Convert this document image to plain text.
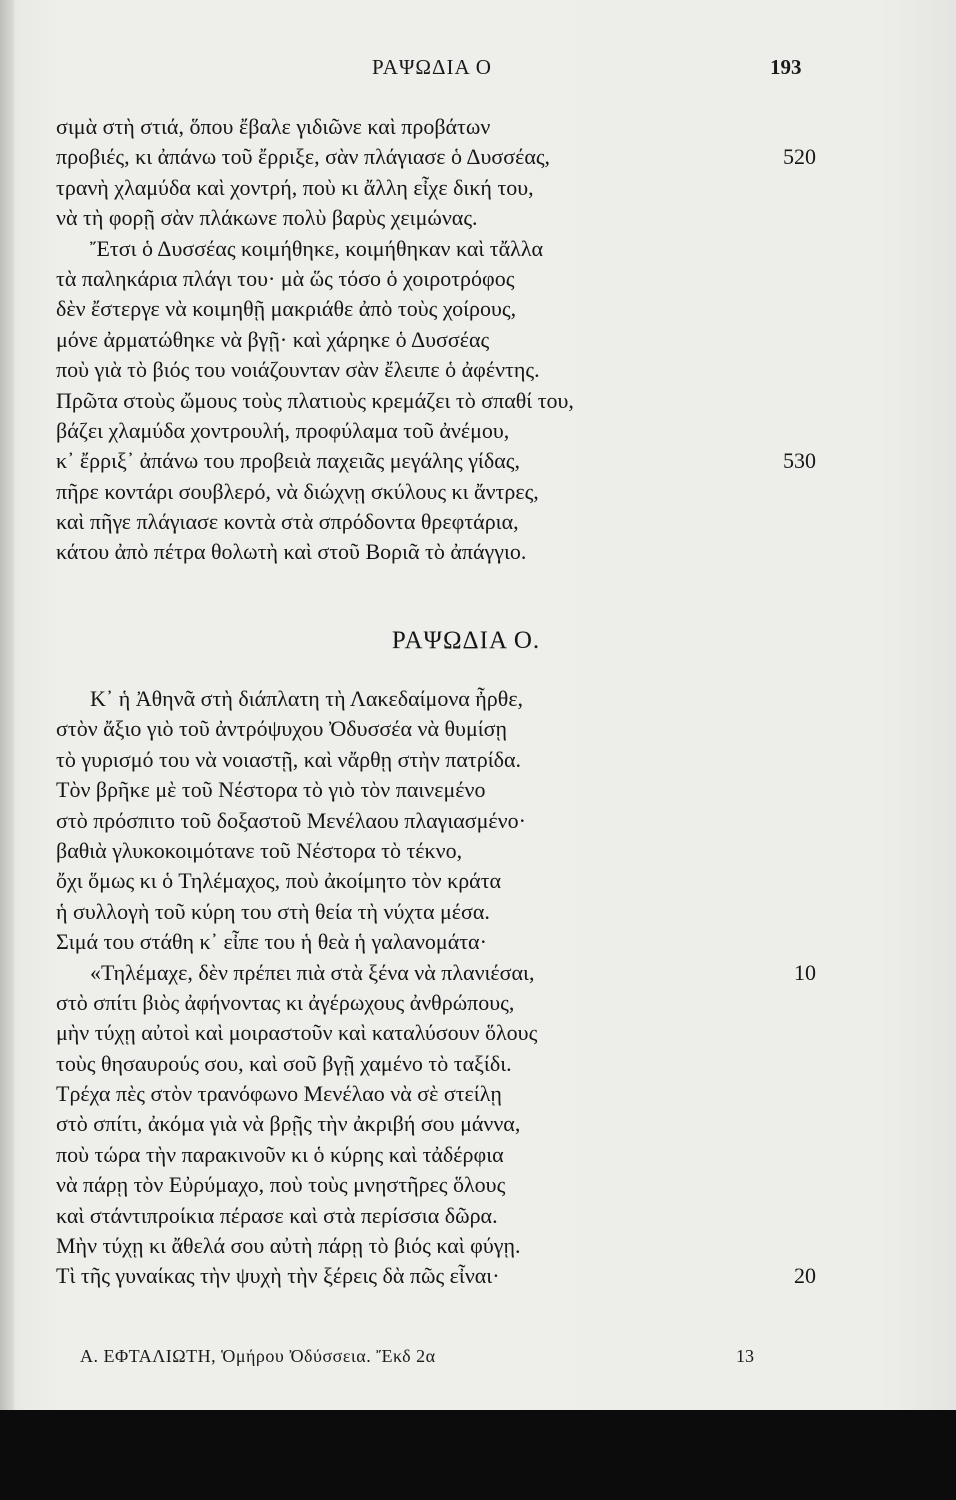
ΡΑΨΩΔΙΑ Ο	193
σιμὰ στὴ στιά, ὅπου ἔβαλε γιδιῶνε καὶ προβάτων
προβιές, κι ἀπάνω τοῦ ἔρριξε, σὰν πλάγιασε ὁ Δυσσέας,	520
τρανὴ χλαμύδα καὶ χοντρή, ποὺ κι ἄλλη εἶχε δική του,
νὰ τὴ φορῇ σὰν πλάκωνε πολὺ βαρὺς χειμώνας.
Ἔτσι ὁ Δυσσέας κοιμήθηκε, κοιμήθηκαν καὶ τἄλλα
τὰ παληκάρια πλάγι του· μὰ ὥς τόσο ὁ χοιροτρόφος
δὲν ἔστεργε νὰ κοιμηθῇ μακριάθε ἀπὸ τοὺς χοίρους,
μόνε ἀρματώθηκε νὰ βγῇ· καὶ χάρηκε ὁ Δυσσέας
ποὺ γιὰ τὸ βιός του νοιάζουνταν σὰν ἔλειπε ὁ ἀφέντης.
Πρῶτα στοὺς ὤμους τοὺς πλατιοὺς κρεμάζει τὸ σπαθί του,
βάζει χλαμύδα χοντρουλή, προφύλαμα τοῦ ἀνέμου,
κ᾽ ἔρριξ᾽ ἀπάνω του προβειὰ παχειᾶς μεγάλης γίδας,	530
πῆρε κοντάρι σουβλερό, νὰ διώχνῃ σκύλους κι ἄντρες,
καὶ πῆγε πλάγιασε κοντὰ στὰ σπρόδοντα θρεφτάρια,
κάτου ἀπὸ πέτρα θολωτὴ καὶ στοῦ Βοριᾶ τὸ ἀπάγγιο.
ΡΑΨΩΔΙΑ Ο.
Κ᾽ ἡ Ἀθηνᾶ στὴ διάπλατη τὴ Λακεδαίμονα ἦρθε,
στὸν ἄξιο γιὸ τοῦ ἀντρόψυχου Ὀδυσσέα νὰ θυμίσῃ
τὸ γυρισμό του νὰ νοιαστῇ, καὶ νἄρθῃ στὴν πατρίδα.
Τὸν βρῆκε μὲ τοῦ Νέστορα τὸ γιὸ τὸν παινεμένο
στὸ πρόσπιτο τοῦ δοξαστοῦ Μενέλαου πλαγιασμένο·
βαθιὰ γλυκοκοιμότανε τοῦ Νέστορα τὸ τέκνο,
ὄχι ὅμως κι ὁ Τηλέμαχος, ποὺ ἀκοίμητο τὸν κράτα
ἡ συλλογὴ τοῦ κύρη του στὴ θεία τὴ νύχτα μέσα.
Σιμά του στάθη κ᾽ εἶπε του ἡ θεὰ ἡ γαλανομάτα·
«Τηλέμαχε, δὲν πρέπει πιὰ στὰ ξένα νὰ πλανιέσαι,	10
στὸ σπίτι βιὸς ἀφήνοντας κι ἀγέρωχους ἀνθρώπους,
μὴν τύχῃ αὐτοὶ καὶ μοιραστοῦν καὶ καταλύσουν ὅλους
τοὺς θησαυρούς σου, καὶ σοῦ βγῇ χαμένο τὸ ταξίδι.
Τρέχα πὲς στὸν τρανόφωνο Μενέλαο νὰ σὲ στείλῃ
στὸ σπίτι, ἀκόμα γιὰ νὰ βρῇς τὴν ἀκριβή σου μάννα,
ποὺ τώρα τὴν παρακινοῦν κι ὁ κύρης καὶ τἀδέρφια
νὰ πάρῃ τὸν Εὐρύμαχο, ποὺ τοὺς μνηστῆρες ὅλους
καὶ στάντιπροίκια πέρασε καὶ στὰ περίσσια δῶρα.
Μὴν τύχῃ κι ἄθελά σου αὐτὴ πάρῃ τὸ βιός καὶ φύγῃ.
Τὶ τῆς γυναίκας τὴν ψυχὴ τὴν ξέρεις δὰ πῶς εἶναι·	20
Α. ΕΦΤΑΛΙΩΤΗ, Ὁμήρου Ὀδύσσεια. Ἔκδ 2α	13
